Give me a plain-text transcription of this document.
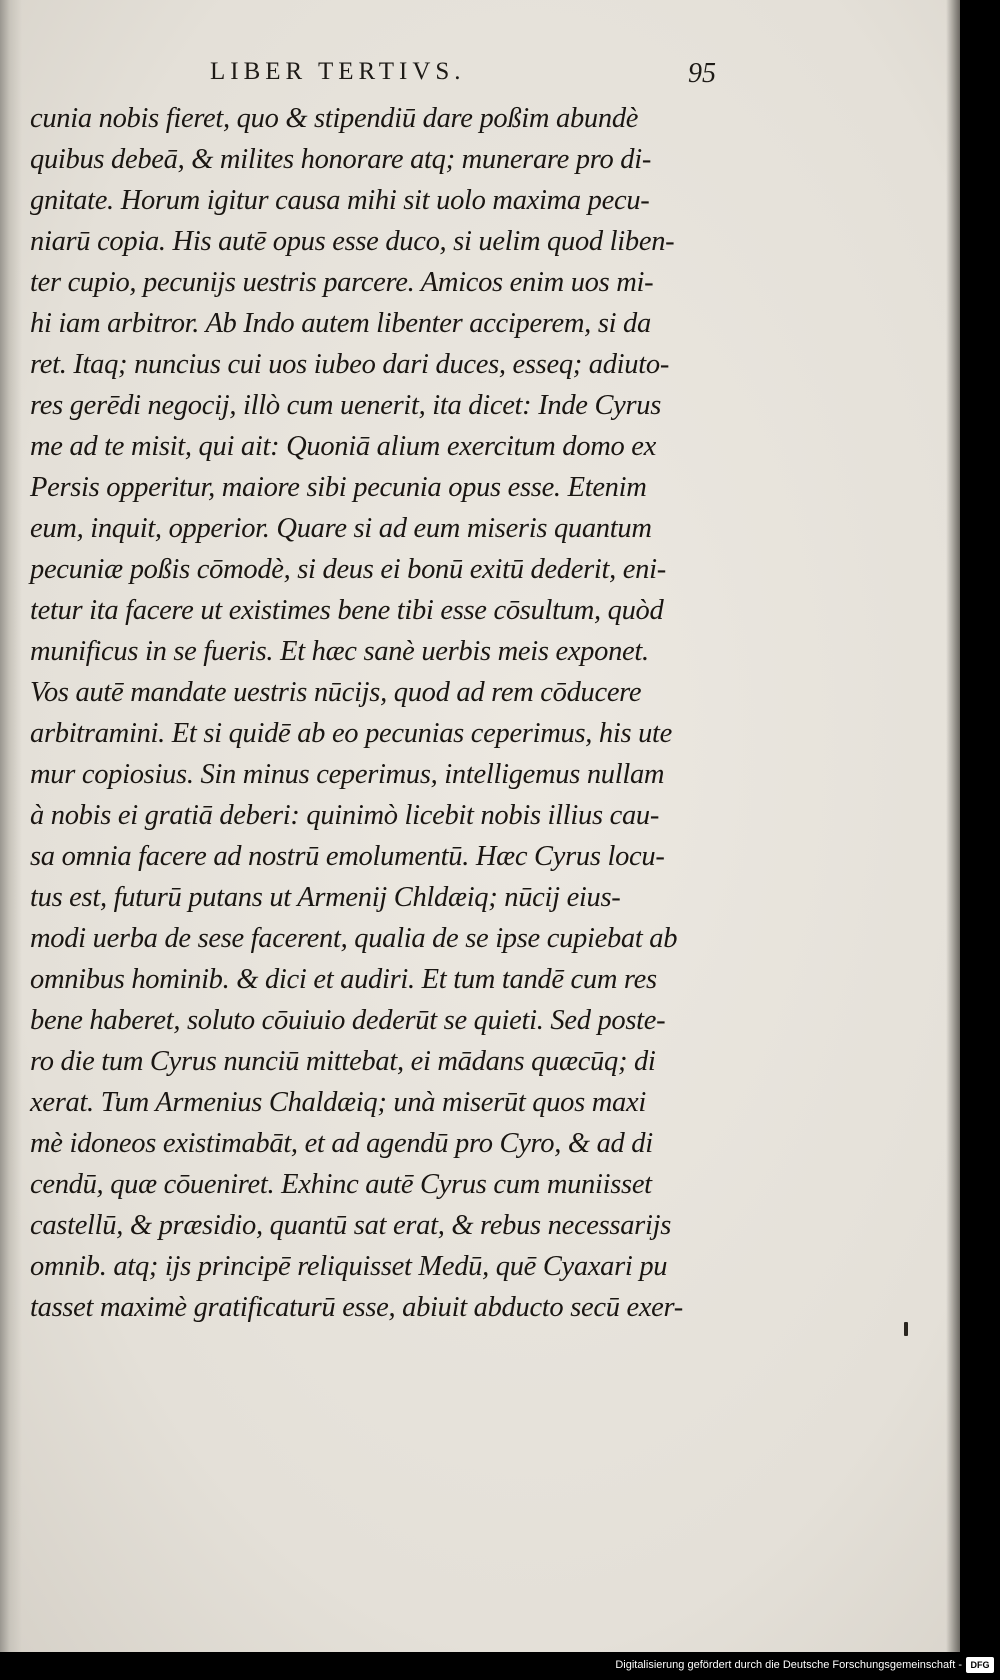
LIBER TERTIVS.	95
cunia nobis fieret, quo & stipendiū dare poßim abundè
quibus debeā, & milites honorare atq; munerare pro di-
gnitate. Horum igitur causa mihi sit uolo maxima pecu-
niarū copia. His autē opus esse duco, si uelim quod liben-
ter cupio, pecunijs uestris parcere. Amicos enim uos mi-
hi iam arbitror. Ab Indo autem libenter acciperem, si da
ret. Itaq; nuncius cui uos iubeo dari duces, esseq; adiuto-
res gerēdi negocij, illò cum uenerit, ita dicet: Inde Cyrus
me ad te misit, qui ait: Quoniā alium exercitum domo ex
Persis opperitur, maiore sibi pecunia opus esse. Etenim
eum, inquit, opperior. Quare si ad eum miseris quantum
pecuniæ poßis cōmodè, si deus ei bonū exitū dederit, eni-
tetur ita facere ut existimes bene tibi esse cōsultum, quòd
munificus in se fueris. Et hæc sanè uerbis meis exponet.
Vos autē mandate uestris nūcijs, quod ad rem cōducere
arbitramini. Et si quidē ab eo pecunias ceperimus, his ute
mur copiosius. Sin minus ceperimus, intelligemus nullam
à nobis ei gratiā deberi: quinimò licebit nobis illius cau-
sa omnia facere ad nostrū emolumentū. Hæc Cyrus locu-
tus est, futurū putans ut Armenij Chldæiq; nūcij eius-
modi uerba de sese facerent, qualia de se ipse cupiebat ab
omnibus hominib. & dici et audiri. Et tum tandē cum res
bene haberet, soluto cōuiuio dederūt se quieti. Sed poste-
ro die tum Cyrus nunciū mittebat, ei mādans quæcūq; di
xerat. Tum Armenius Chaldæiq; unà miserūt quos maxi
mè idoneos existimabāt, et ad agendū pro Cyro, & ad di
cendū, quæ cōueniret. Exhinc autē Cyrus cum muniisset
castellū, & præsidio, quantū sat erat, & rebus necessarijs
omnib. atq; ijs principē reliquisset Medū, quē Cyaxari pu
tasset maximè gratificaturū esse, abiuit abducto secū exer-
Digitalisierung gefördert durch die Deutsche Forschungsgemeinschaft - DFG
